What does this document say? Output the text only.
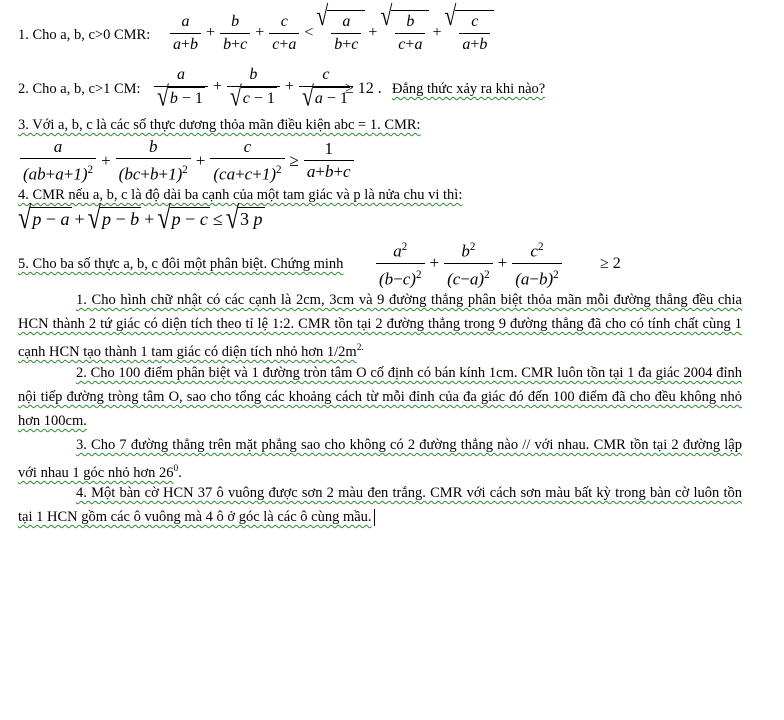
1. Cho a, b, c>0 CMR: $\frac{a}{a+b} + \frac{b}{b+c} + \frac{c}{c+a}$ <
√ $\frac{a}{b+c}$ +
√ $\frac{b}{c+a}$ +
√ $\frac{c}{a+b}$
2. Cho a, b, c>1 CM: $\frac{a}{√ b - 1} + \frac{b}{√ c - 1} + \frac{c}{√ a - 1}$
≥ 12 . Đẳng thức xảy ra khi nào?
3. Với a, b, c là các số thực dương thỏa mãn điều kiện abc = 1. CMR:
$\frac{a}{(ab+a+1)^2} + \frac{b}{(bc+b+1)^2} + \frac{c}{(ca+c+1)^2} \ge \frac{1}{a+b+c}$
4. CMR nếu a, b, c là độ dài ba cạnh của một tam giác và p là nửa chu vi thì:
√ p − a + √ p − b + √ p − c ≤ √ 3 p
5. Cho ba số thực a, b, c đôi một phân biệt. Chứng minh $\frac{a^2}{(b-c)^2} + \frac{b^2}{(c-a)^2} + \frac{c^2}{(a-b)^2} \ge 2$
1. Cho hình chữ nhật có các cạnh là 2cm, 3cm và 9 đường thẳng phân biệt thỏa mãn mỗi đường thẳng đều chia HCN thành 2 tứ giác có diện tích theo tỉ lệ 1:2. CMR tồn tại 2 đường thẳng trong 9 đường thẳng đã cho có tính chất cùng 1 cạnh HCN tạo thành 1 tam giác có diện tích nhỏ hơn $1/2m^{2.}$
2. Cho 100 điểm phân biệt và 1 đường tròn tâm O cố định có bán kính 1cm. CMR luôn tồn tại 1 đa giác 2004 đỉnh nội tiếp đường tròng tâm O, sao cho tổng các khoảng cách từ mỗi đỉnh của đa giác đó đến 100 điểm đã cho đều không nhỏ hơn 100cm.
3. Cho 7 đường thẳng trên mặt phẳng sao cho không có 2 đường thẳng nào // với nhau. CMR tồn tại 2 đường lập với nhau 1 góc nhỏ hơn $26^0$.
4. Một bàn cờ HCN 37 ô vuông được sơn 2 màu đen trắng. CMR với cách sơn màu bất kỳ trong bàn cờ luôn tồn tại 1 HCN gồm các ô vuông mà 4 ô ở góc là các ô cùng mầu.
